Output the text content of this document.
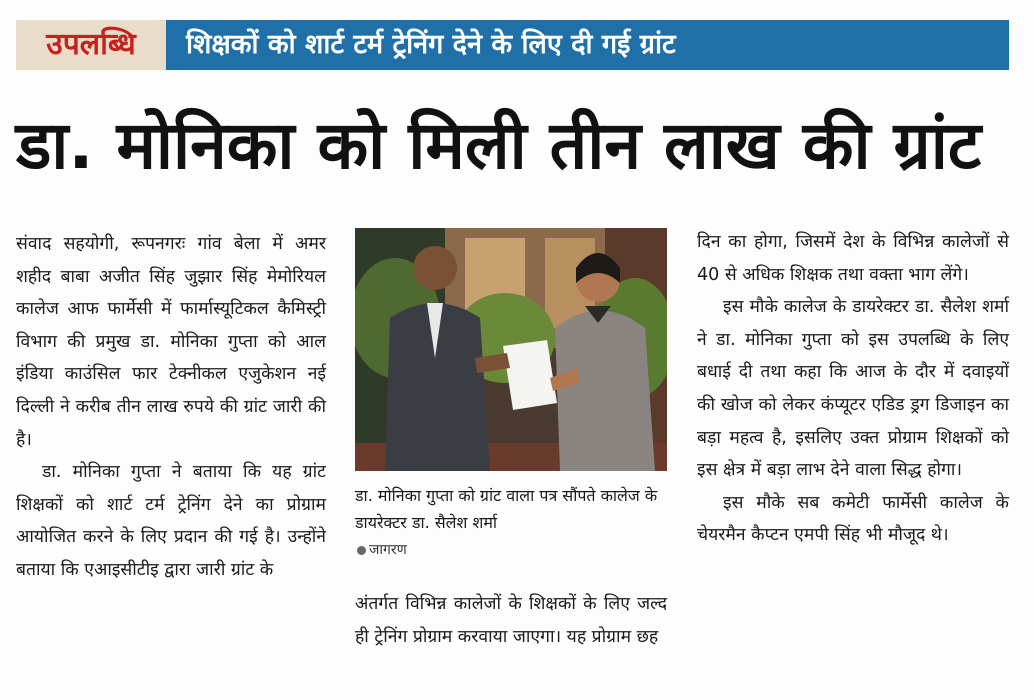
उपलब्धि	शिक्षकों को शार्ट टर्म ट्रेनिंग देने के लिए दी गई ग्रांट
डा. मोनिका को मिली तीन लाख की ग्रांट

संवाद सहयोगी, रूपनगरः गांव बेला में अमर शहीद बाबा अजीत सिंह जुझार सिंह मेमोरियल कालेज आफ फार्मेसी में फार्मास्यूटिकल कैमिस्ट्री विभाग की प्रमुख डा. मोनिका गुप्ता को आल इंडिया काउंसिल फार टेक्नीकल एजुकेशन नई दिल्ली ने करीब तीन लाख रुपये की ग्रांट जारी की है।

डा. मोनिका गुप्ता ने बताया कि यह ग्रांट शिक्षकों को शार्ट टर्म ट्रेनिंग देने का प्रोग्राम आयोजित करने के लिए प्रदान की गई है। उन्होंने बताया कि एआइसीटीइ द्वारा जारी ग्रांट के

डा. मोनिका गुप्ता को ग्रांट वाला पत्र सौंपते कालेज के डायरेक्टर डा. सैलेश शर्मा
जागरण

अंतर्गत विभिन्न कालेजों के शिक्षकों के लिए जल्द ही ट्रेनिंग प्रोग्राम करवाया जाएगा। यह प्रोग्राम छह

दिन का होगा, जिसमें देश के विभिन्न कालेजों से 40 से अधिक शिक्षक तथा वक्ता भाग लेंगे।

इस मौके कालेज के डायरेक्टर डा. सैलेश शर्मा ने डा. मोनिका गुप्ता को इस उपलब्धि के लिए बधाई दी तथा कहा कि आज के दौर में दवाइयों की खोज को लेकर कंप्यूटर एडिड ड्रग डिजाइन का बड़ा महत्व है, इसलिए उक्त प्रोग्राम शिक्षकों को इस क्षेत्र में बड़ा लाभ देने वाला सिद्ध होगा।

इस मौके सब कमेटी फार्मेसी कालेज के चेयरमैन कैप्टन एमपी सिंह भी मौजूद थे।
